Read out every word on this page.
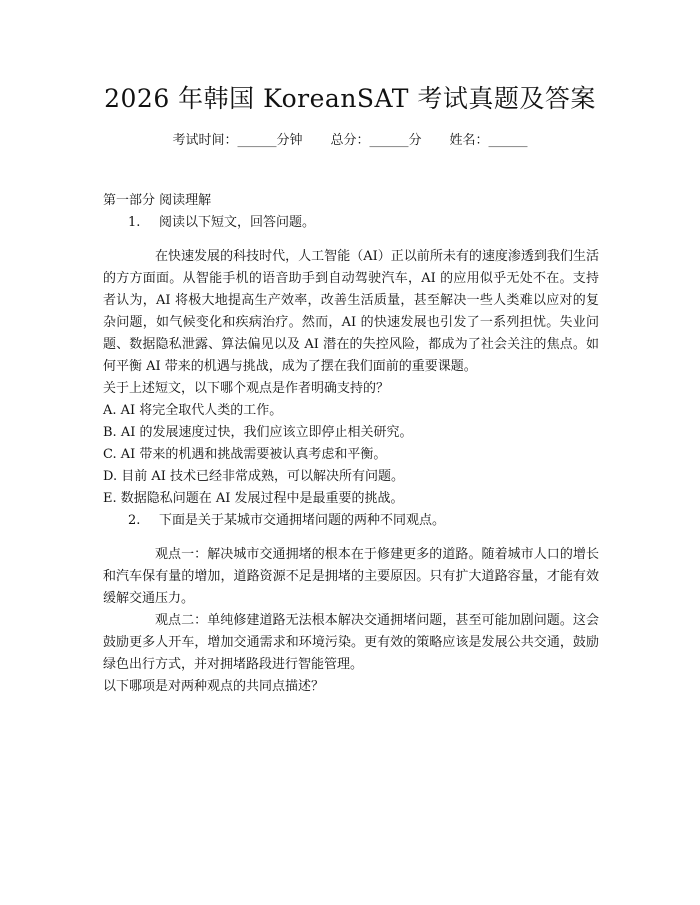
2026 年韩国 KoreanSAT 考试真题及答案
考试时间：______分钟 总分：______分 姓名：______

第一部分 阅读理解

1.	阅读以下短文，回答问题。

在快速发展的科技时代，人工智能（AI）正以前所未有的速度渗透到我们生活的方方面面。从智能手机的语音助手到自动驾驶汽车，AI 的应用似乎无处不在。支持者认为，AI 将极大地提高生产效率，改善生活质量，甚至解决一些人类难以应对的复杂问题，如气候变化和疾病治疗。然而，AI 的快速发展也引发了一系列担忧。失业问题、数据隐私泄露、算法偏见以及 AI 潜在的失控风险，都成为了社会关注的焦点。如何平衡 AI 带来的机遇与挑战，成为了摆在我们面前的重要课题。

关于上述短文，以下哪个观点是作者明确支持的？

A. AI 将完全取代人类的工作。

B. AI 的发展速度过快，我们应该立即停止相关研究。

C. AI 带来的机遇和挑战需要被认真考虑和平衡。

D. 目前 AI 技术已经非常成熟，可以解决所有问题。

E. 数据隐私问题在 AI 发展过程中是最重要的挑战。

2.	下面是关于某城市交通拥堵问题的两种不同观点。

观点一：解决城市交通拥堵的根本在于修建更多的道路。随着城市人口的增长和汽车保有量的增加，道路资源不足是拥堵的主要原因。只有扩大道路容量，才能有效缓解交通压力。

观点二：单纯修建道路无法根本解决交通拥堵问题，甚至可能加剧问题。这会鼓励更多人开车，增加交通需求和环境污染。更有效的策略应该是发展公共交通，鼓励绿色出行方式，并对拥堵路段进行智能管理。

以下哪项是对两种观点的共同点描述？
